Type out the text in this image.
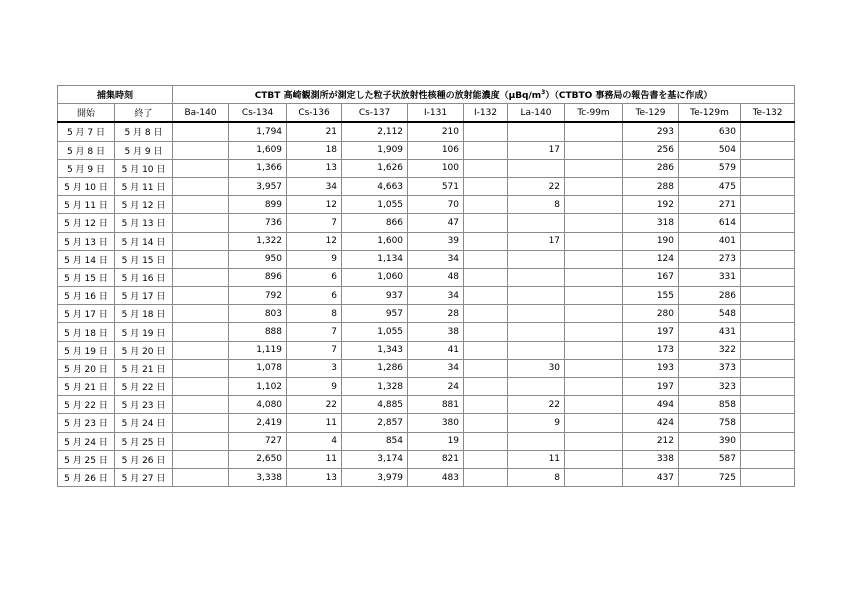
捕集時刻		CTBT 高崎観測所が測定した粒子状放射性核種の放射能濃度$(\mu Bq/m^3)(CTBTO$ 事務局の報告書を基に作成）										
開始	終了	Ba-140	Cs-134	Cs-136	Cs-137	I-131	I-132	La-140	Tc-99m	Te-129	Te-129m	Te-132
5 月 7 日	5 月 8 日		1,794	21	2,112	210				293	630	
5 月 8 日	5 月 9 日		1,609	18	1,909	106		17		256	504	
5 月 9 日	5 月 10 日		1,366	13	1,626	100				286	579	
5 月 10 日	5 月 11 日		3,957	34	4,663	571		22		288	475	
5 月 11 日	5 月 12 日		899	12	1,055	70		8		192	271	
5 月 12 日	5 月 13 日		736	7	866	47				318	614	
5 月 13 日	5 月 14 日		1,322	12	1,600	39		17		190	401	
5 月 14 日	5 月 15 日		950	9	1,134	34				124	273	
5 月 15 日	5 月 16 日		896	6	1,060	48				167	331	
5 月 16 日	5 月 17 日		792	6	937	34				155	286	
5 月 17 日	5 月 18 日		803	8	957	28				280	548	
5 月 18 日	5 月 19 日		888	7	1,055	38				197	431	
5 月 19 日	5 月 20 日		1,119	7	1,343	41				173	322	
5 月 20 日	5 月 21 日		1,078	3	1,286	34		30		193	373	
5 月 21 日	5 月 22 日		1,102	9	1,328	24				197	323	
5 月 22 日	5 月 23 日		4,080	22	4,885	881		22		494	858	
5 月 23 日	5 月 24 日		2,419	11	2,857	380		9		424	758	
5 月 24 日	5 月 25 日		727	4	854	19				212	390	
5 月 25 日	5 月 26 日		2,650	11	3,174	821		11		338	587	
5 月 26 日	5 月 27 日		3,338	13	3,979	483		8		437	725	
